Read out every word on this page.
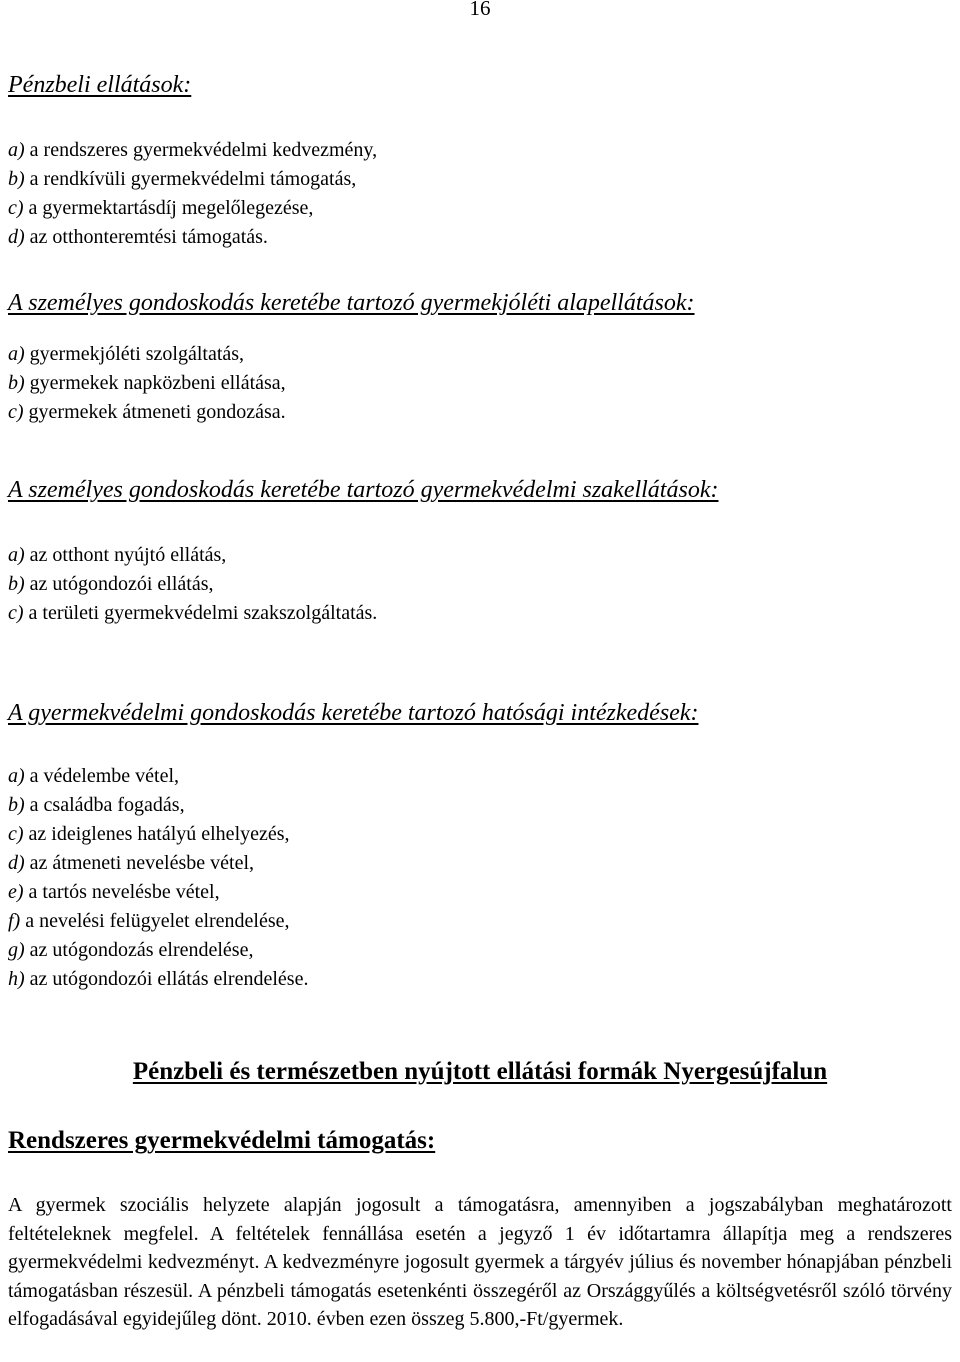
16
Pénzbeli ellátások:
a) a rendszeres gyermekvédelmi kedvezmény,
b) a rendkívüli gyermekvédelmi támogatás,
c) a gyermektartásdíj megelőlegezése,
d) az otthonteremtési támogatás.
A személyes gondoskodás keretébe tartozó gyermekjóléti alapellátások:
a) gyermekjóléti szolgáltatás,
b) gyermekek napközbeni ellátása,
c) gyermekek átmeneti gondozása.
A személyes gondoskodás keretébe tartozó gyermekvédelmi szakellátások:
a) az otthont nyújtó ellátás,
b) az utógondozói ellátás,
c) a területi gyermekvédelmi szakszolgáltatás.
A gyermekvédelmi gondoskodás keretébe tartozó hatósági intézkedések:
a) a védelembe vétel,
b) a családba fogadás,
c) az ideiglenes hatályú elhelyezés,
d) az átmeneti nevelésbe vétel,
e) a tartós nevelésbe vétel,
f) a nevelési felügyelet elrendelése,
g) az utógondozás elrendelése,
h) az utógondozói ellátás elrendelése.
Pénzbeli és természetben nyújtott ellátási formák Nyergesújfalun
Rendszeres gyermekvédelmi támogatás:

A gyermek szociális helyzete alapján jogosult a támogatásra, amennyiben a jogszabályban meghatározott feltételeknek megfelel. A feltételek fennállása esetén a jegyző 1 év időtartamra állapítja meg a rendszeres gyermekvédelmi kedvezményt. A kedvezményre jogosult gyermek a tárgyév július és november hónapjában pénzbeli támogatásban részesül. A pénzbeli támogatás esetenkénti összegéről az Országgyűlés a költségvetésről szóló törvény elfogadásával egyidejűleg dönt. 2010. évben ezen összeg 5.800,-Ft/gyermek.
